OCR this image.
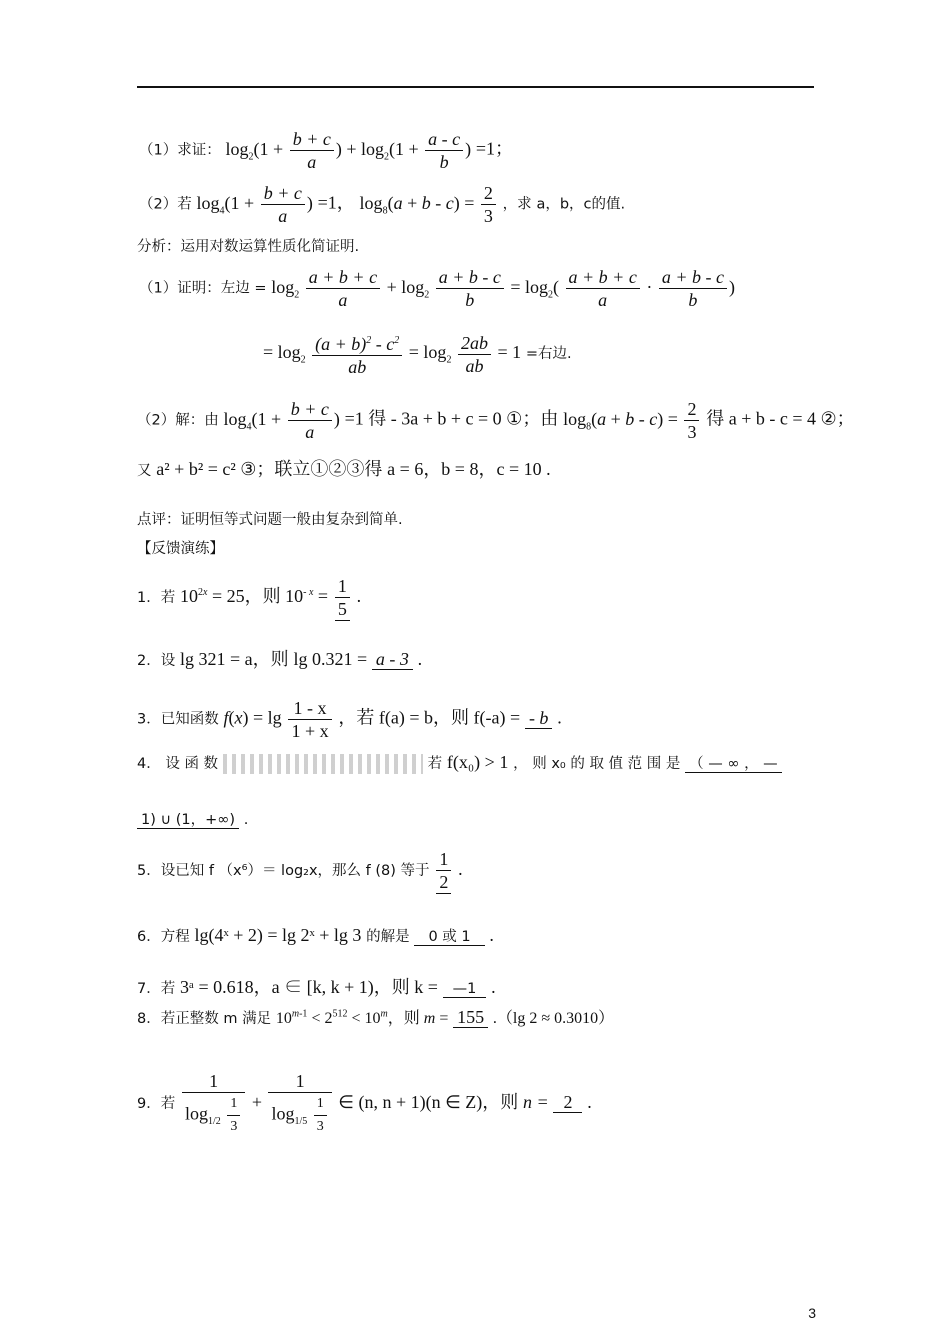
（1）求证： $\log_2(1 + \frac{b + c}{a}$ ) + $\log_2(1 + \frac{a - c}{b}$ ) =1；
（2）若 $\log_4(1 + \frac{b + c}{a}$ ) =1， $\log_8(a + b - c) = \frac{2}{3}$ ，求 a，b，c的值.
分析：运用对数运算性质化简证明.
（1）证明：左边 = $\log_2 \frac{a + b + c}{a} + \log_2 \frac{a + b - c}{b} = \log_2( \frac{a + b + c}{a} \cdot \frac{a + b - c}{b}$ )
= $\log_2 \frac{(a + b)^2 - c^2}{ab} = \log_2 \frac{2ab}{ab} = 1$ =右边.
（2）解：由 $\log_4(1 + \frac{b + c}{a}$ ) =1 得 - 3a + b + c = 0 ①；由 $\log_8(a + b - c) = \frac{2}{3}$ 得 a + b - c = 4 ②；
又 a² + b² = c² ③；联立①②③得 a = 6，b = 8，c = 10 .
点评：证明恒等式问题一般由复杂到简单.
【反馈演练】
1．若 $10^{2x} = 25$，则 $10^{- x} = \frac{1}{5}$ .
2．设 lg 321 = a，则 lg 0.321 = a - 3 .
3．已知函数 $f(x) = \lg \frac{1 - x}{1 + x}$ ，若 f(a) = b，则 f(-a) = - b .
4． 设 函 数	若 f(x₀) > 1 ， 则 x₀ 的 取 值 范 围 是 （ — ∞ ， —
1) ∪ (1，+∞) .
5．设已知 f （x⁶）＝ log₂x，那么 f (8) 等于 $\frac{1}{2}$ .
6．方程 lg(4ˣ + 2) = lg 2ˣ + lg 3 的解是 0 或 1 .
7．若 3ᵃ = 0.618，a ∈ [k, k + 1)，则 k = —1 .
8．若正整数 m 满足 $10^{m-1} < 2^{512} < 10^m$，则 m = 155 .（lg 2 ≈ 0.3010）
9．若 $\frac{1}{\log_{1/2} \frac{1}{3}} + \frac{1}{\log_{1/5} \frac{1}{3}}$ ∈ (n, n + 1)(n ∈ Z)，则 n = 2 .
3
